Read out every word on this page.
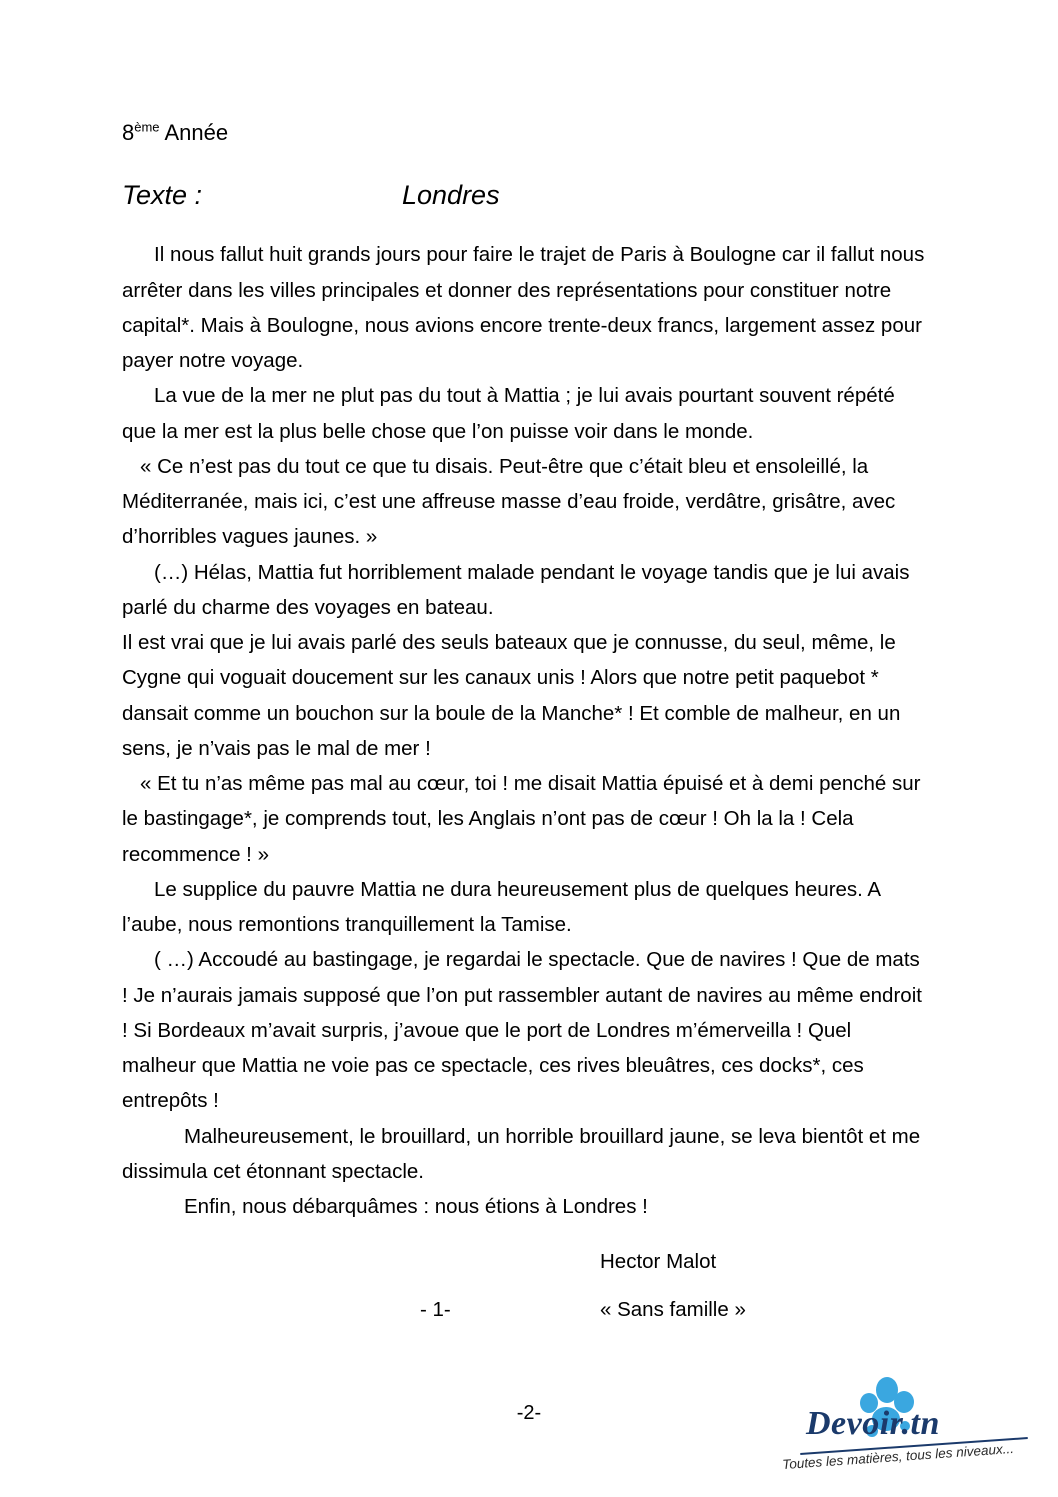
8ème Année
Texte :	Londres

Il nous fallut huit grands jours pour faire le trajet de Paris à Boulogne car il fallut nous arrêter dans les villes principales et donner des représentations pour constituer notre capital*. Mais à Boulogne, nous avions encore trente-deux francs, largement assez pour payer notre voyage.

La vue de la mer ne plut pas du tout à Mattia ; je lui avais pourtant souvent répété que la mer est la plus belle chose que l’on puisse voir dans le monde.

« Ce n’est pas du tout ce que tu disais. Peut-être que c’était bleu et ensoleillé, la Méditerranée, mais ici, c’est une affreuse masse d’eau froide, verdâtre, grisâtre, avec d’horribles vagues jaunes. »

(…) Hélas, Mattia fut horriblement malade pendant le voyage tandis que je lui avais parlé du charme des voyages en bateau.

Il est vrai que je lui avais parlé des seuls bateaux que je connusse, du seul, même, le Cygne qui voguait doucement sur les canaux unis ! Alors que notre petit paquebot * dansait comme un bouchon sur la boule de la Manche* ! Et comble de malheur, en un sens, je n’vais pas le mal de mer !

« Et tu n’as même pas mal au cœur, toi ! me disait Mattia épuisé et à demi penché sur le bastingage*, je comprends tout, les Anglais n’ont pas de cœur ! Oh la la ! Cela recommence ! »

Le supplice du pauvre Mattia ne dura heureusement plus de quelques heures. A l’aube, nous remontions tranquillement la Tamise.

( …) Accoudé au bastingage, je regardai le spectacle. Que de navires ! Que de mats ! Je n’aurais jamais supposé que l’on put rassembler autant de navires au même endroit ! Si Bordeaux m’avait surpris, j’avoue que le port de Londres m’émerveilla ! Quel malheur que Mattia ne voie pas ce spectacle, ces rives bleuâtres, ces docks*, ces entrepôts !

Malheureusement, le brouillard, un horrible brouillard jaune, se leva bientôt et me dissimula cet étonnant spectacle.

Enfin, nous débarquâmes : nous étions à Londres !

Hector Malot
- 1-	« Sans famille »
-2-	Devoir.tn
Toutes les matières, tous les niveaux...
